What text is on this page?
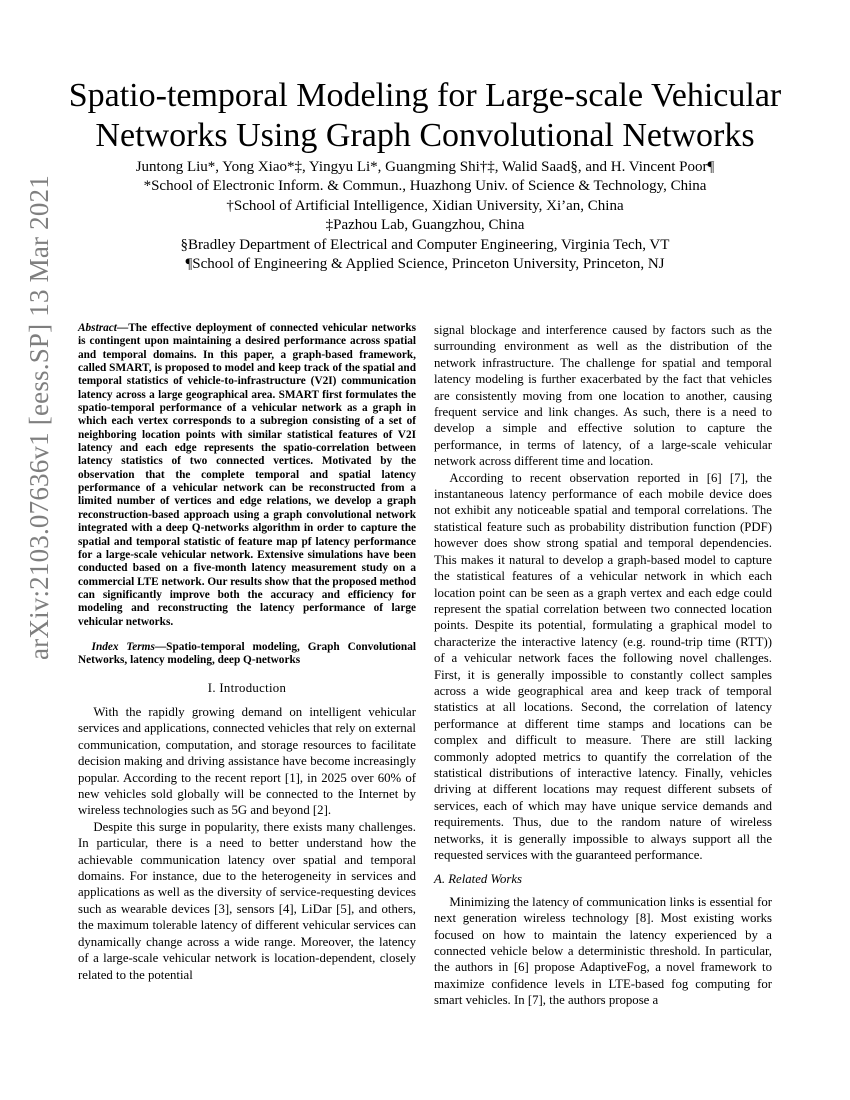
arXiv:2103.07636v1 [eess.SP] 13 Mar 2021
Spatio-temporal Modeling for Large-scale Vehicular
Networks Using Graph Convolutional Networks
Juntong Liu*, Yong Xiao*‡, Yingyu Li*, Guangming Shi†‡, Walid Saad§, and H. Vincent Poor¶
*School of Electronic Inform. & Commun., Huazhong Univ. of Science & Technology, China
†School of Artificial Intelligence, Xidian University, Xi’an, China
‡Pazhou Lab, Guangzhou, China
§Bradley Department of Electrical and Computer Engineering, Virginia Tech, VT
¶School of Engineering & Applied Science, Princeton University, Princeton, NJ

Abstract—The effective deployment of connected vehicular networks is contingent upon maintaining a desired performance across spatial and temporal domains. In this paper, a graph-based framework, called SMART, is proposed to model and keep track of the spatial and temporal statistics of vehicle-to-infrastructure (V2I) communication latency across a large geographical area. SMART first formulates the spatio-temporal performance of a vehicular network as a graph in which each vertex corresponds to a subregion consisting of a set of neighboring location points with similar statistical features of V2I latency and each edge represents the spatio-correlation between latency statistics of two connected vertices. Motivated by the observation that the complete temporal and spatial latency performance of a vehicular network can be reconstructed from a limited number of vertices and edge relations, we develop a graph reconstruction-based approach using a graph convolutional network integrated with a deep Q-networks algorithm in order to capture the spatial and temporal statistic of feature map pf latency performance for a large-scale vehicular network. Extensive simulations have been conducted based on a five-month latency measurement study on a commercial LTE network. Our results show that the proposed method can significantly improve both the accuracy and efficiency for modeling and reconstructing the latency performance of large vehicular networks.

Index Terms—Spatio-temporal modeling, Graph Convolutional Networks, latency modeling, deep Q-networks

I. Introduction

With the rapidly growing demand on intelligent vehicular services and applications, connected vehicles that rely on external communication, computation, and storage resources to facilitate decision making and driving assistance have become increasingly popular. According to the recent report [1], in 2025 over 60% of new vehicles sold globally will be connected to the Internet by wireless technologies such as 5G and beyond [2].

Despite this surge in popularity, there exists many challenges. In particular, there is a need to better understand how the achievable communication latency over spatial and temporal domains. For instance, due to the heterogeneity in services and applications as well as the diversity of service-requesting devices such as wearable devices [3], sensors [4], LiDar [5], and others, the maximum tolerable latency of different vehicular services can dynamically change across a wide range. Moreover, the latency of a large-scale vehicular network is location-dependent, closely related to the potential

signal blockage and interference caused by factors such as the surrounding environment as well as the distribution of the network infrastructure. The challenge for spatial and temporal latency modeling is further exacerbated by the fact that vehicles are consistently moving from one location to another, causing frequent service and link changes. As such, there is a need to develop a simple and effective solution to capture the performance, in terms of latency, of a large-scale vehicular network across different time and location.

According to recent observation reported in [6] [7], the instantaneous latency performance of each mobile device does not exhibit any noticeable spatial and temporal correlations. The statistical feature such as probability distribution function (PDF) however does show strong spatial and temporal dependencies. This makes it natural to develop a graph-based model to capture the statistical features of a vehicular network in which each location point can be seen as a graph vertex and each edge could represent the spatial correlation between two connected location points. Despite its potential, formulating a graphical model to characterize the interactive latency (e.g. round-trip time (RTT)) of a vehicular network faces the following novel challenges. First, it is generally impossible to constantly collect samples across a wide geographical area and keep track of temporal statistics at all locations. Second, the correlation of latency performance at different time stamps and locations can be complex and difficult to measure. There are still lacking commonly adopted metrics to quantify the correlation of the statistical distributions of interactive latency. Finally, vehicles driving at different locations may request different subsets of services, each of which may have unique service demands and requirements. Thus, due to the random nature of wireless networks, it is generally impossible to always support all the requested services with the guaranteed performance.

A. Related Works

Minimizing the latency of communication links is essential for next generation wireless technology [8]. Most existing works focused on how to maintain the latency experienced by a connected vehicle below a deterministic threshold. In particular, the authors in [6] propose AdaptiveFog, a novel framework to maximize confidence levels in LTE-based fog computing for smart vehicles. In [7], the authors propose a
